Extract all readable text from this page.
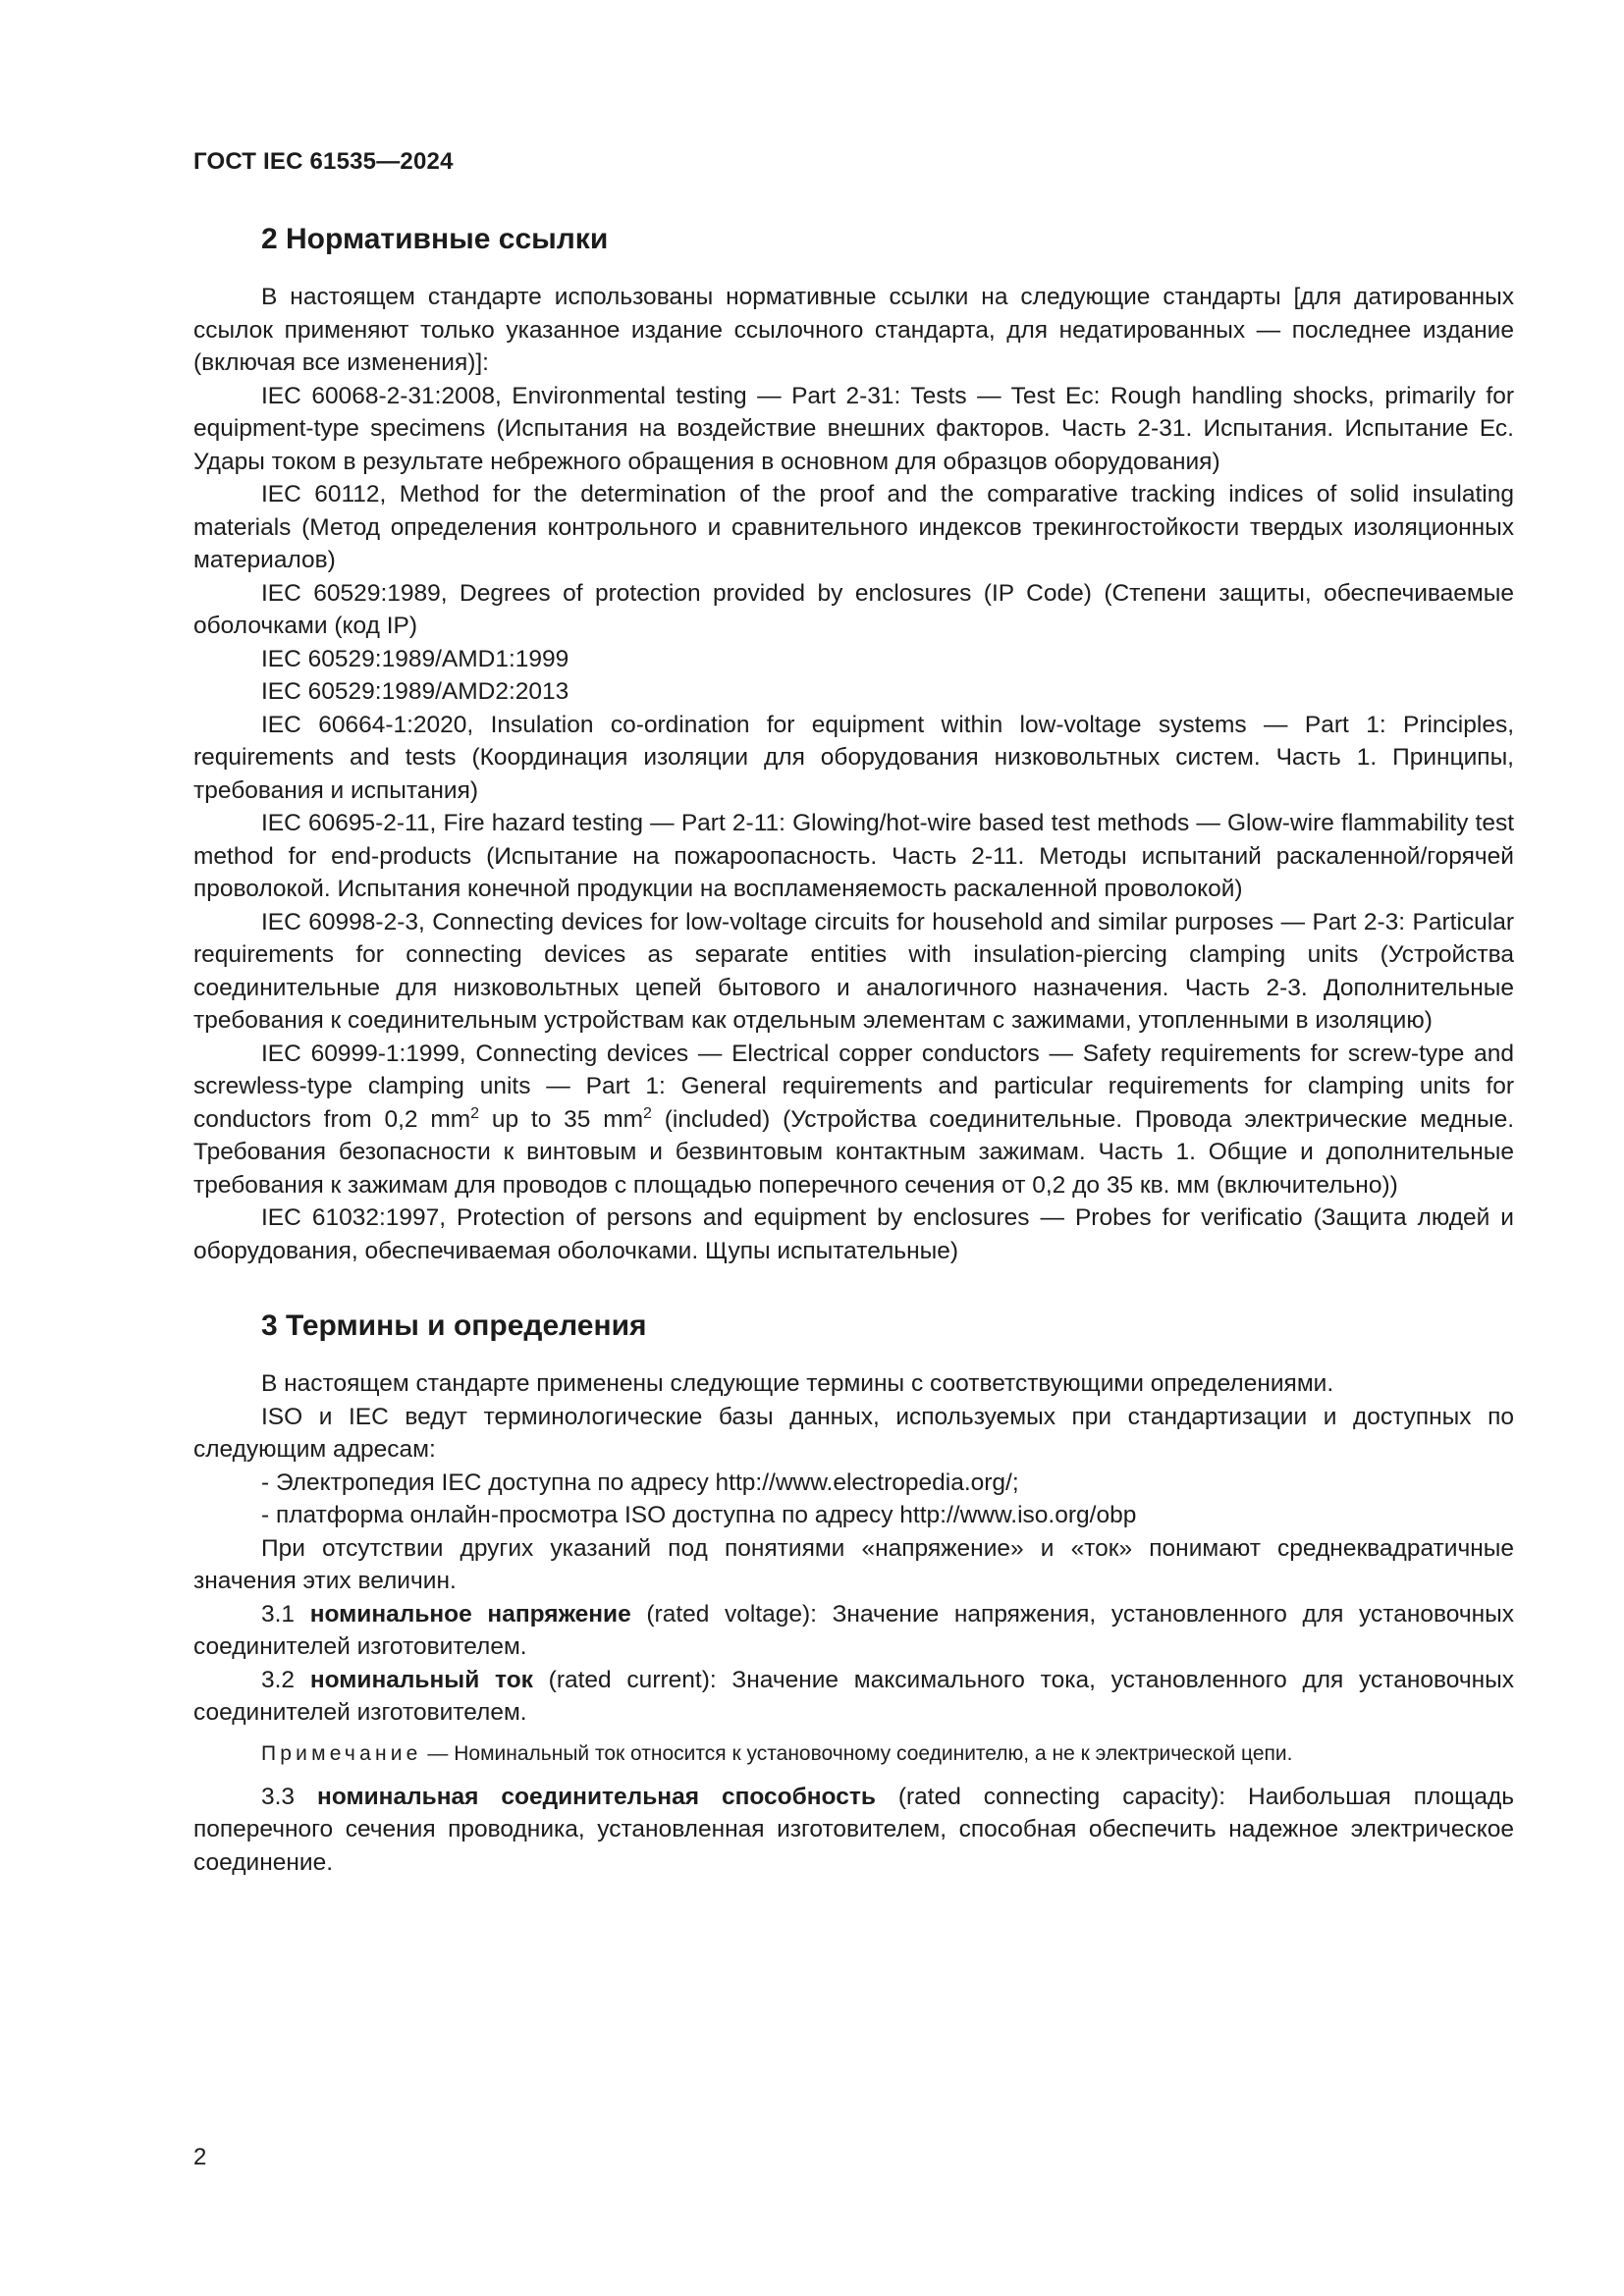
ГОСТ IEC 61535—2024
2 Нормативные ссылки

В настоящем стандарте использованы нормативные ссылки на следующие стандарты [для датированных ссылок применяют только указанное издание ссылочного стандарта, для недатированных — последнее издание (включая все изменения)]:

IEC 60068-2-31:2008, Environmental testing — Part 2-31: Tests — Test Ec: Rough handling shocks, primarily for equipment-type specimens (Испытания на воздействие внешних факторов. Часть 2-31. Испытания. Испытание Ес. Удары током в результате небрежного обращения в основном для образцов оборудования)

IEC 60112, Method for the determination of the proof and the comparative tracking indices of solid insulating materials (Метод определения контрольного и сравнительного индексов трекингостойкости твердых изоляционных материалов)

IEC 60529:1989, Degrees of protection provided by enclosures (IP Code) (Степени защиты, обеспечиваемые оболочками (код IP)

IEC 60529:1989/AMD1:1999

IEC 60529:1989/AMD2:2013

IEC 60664-1:2020, Insulation co-ordination for equipment within low-voltage systems — Part 1: Principles, requirements and tests (Координация изоляции для оборудования низковольтных систем. Часть 1. Принципы, требования и испытания)

IEC 60695-2-11, Fire hazard testing — Part 2-11: Glowing/hot-wire based test methods — Glow-wire flammability test method for end-products (Испытание на пожароопасность. Часть 2-11. Методы испытаний раскаленной/горячей проволокой. Испытания конечной продукции на воспламеняемость раскаленной проволокой)

IEC 60998-2-3, Connecting devices for low-voltage circuits for household and similar purposes — Part 2-3: Particular requirements for connecting devices as separate entities with insulation-piercing clamping units (Устройства соединительные для низковольтных цепей бытового и аналогичного назначения. Часть 2-3. Дополнительные требования к соединительным устройствам как отдельным элементам с зажимами, утопленными в изоляцию)

IEC 60999-1:1999, Connecting devices — Electrical copper conductors — Safety requirements for screw-type and screwless-type clamping units — Part 1: General requirements and particular requirements for clamping units for conductors from 0,2 $mm^2$ up to 35 $mm^2$ (included) (Устройства соединительные. Провода электрические медные. Требования безопасности к винтовым и безвинтовым контактным зажимам. Часть 1. Общие и дополнительные требования к зажимам для проводов с площадью поперечного сечения от 0,2 до 35 кв. мм (включительно))

IEC 61032:1997, Protection of persons and equipment by enclosures — Probes for verificatio (Защита людей и оборудования, обеспечиваемая оболочками. Щупы испытательные)

3 Термины и определения

В настоящем стандарте применены следующие термины с соответствующими определениями.

ISO и IEC ведут терминологические базы данных, используемых при стандартизации и доступных по следующим адресам:

- Электропедия IEC доступна по адресу http://www.electropedia.org/;

- платформа онлайн-просмотра ISO доступна по адресу http://www.iso.org/obp

При отсутствии других указаний под понятиями «напряжение» и «ток» понимают среднеквадратичные значения этих величин.

3.1 номинальное напряжение (rated voltage): Значение напряжения, установленного для установочных соединителей изготовителем.

3.2 номинальный ток (rated current): Значение максимального тока, установленного для установочных соединителей изготовителем.

Примечание — Номинальный ток относится к установочному соединителю, а не к электрической цепи.

3.3 номинальная соединительная способность (rated connecting capacity): Наибольшая площадь поперечного сечения проводника, установленная изготовителем, способная обеспечить надежное электрическое соединение.

2
